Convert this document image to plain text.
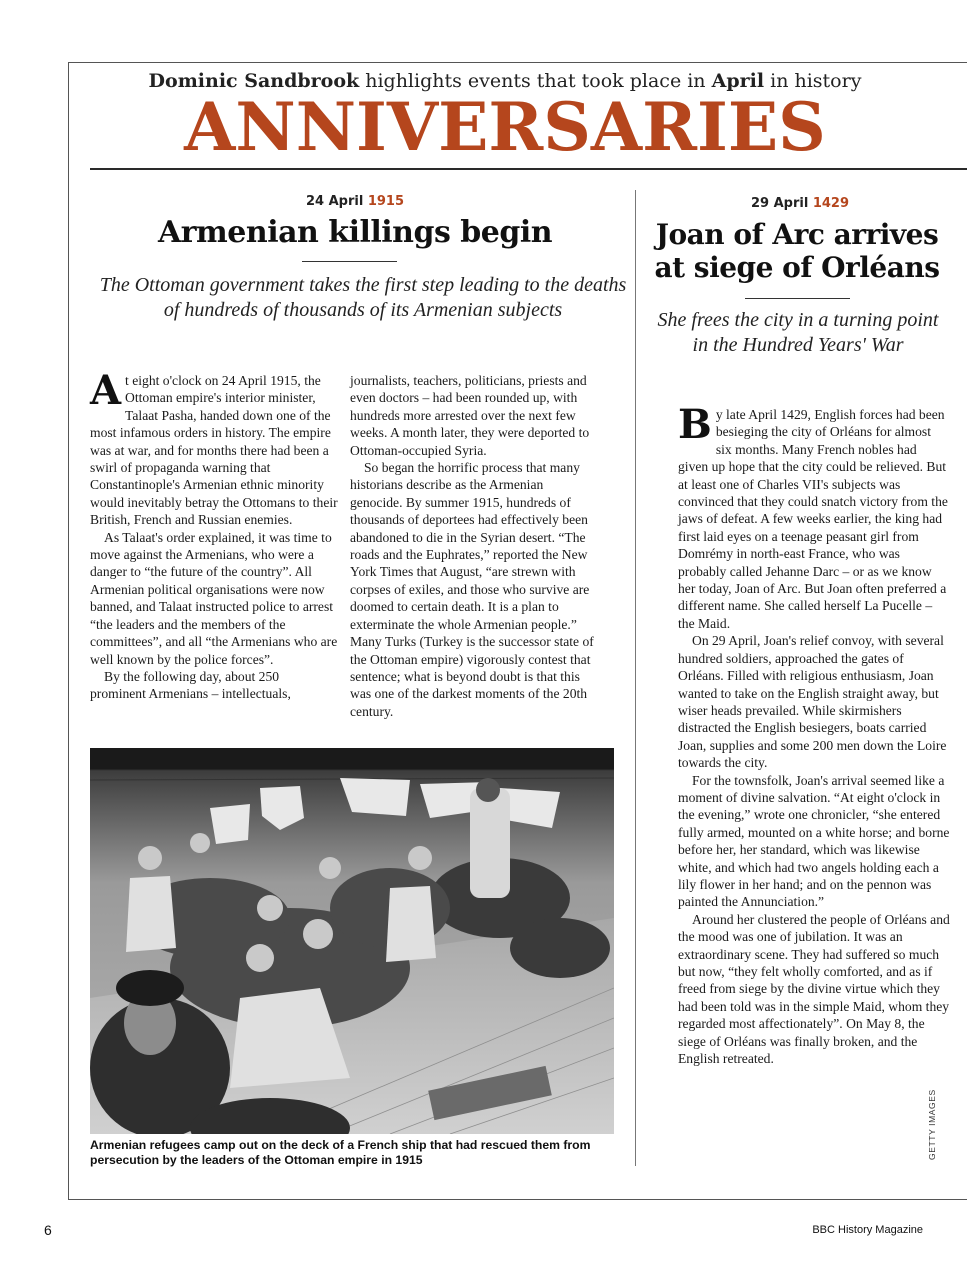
Dominic Sandbrook highlights events that took place in April in history
ANNIVERSARIES
24 April 1915
Armenian killings begin
The Ottoman government takes the first step leading to the deaths of hundreds of thousands of its Armenian subjects

At eight o'clock on 24 April 1915, the Ottoman empire's interior minister, Talaat Pasha, handed down one of the most infamous orders in history. The empire was at war, and for months there had been a swirl of propaganda warning that Constantinople's Armenian ethnic minority would inevitably betray the Ottomans to their British, French and Russian enemies.

As Talaat's order explained, it was time to move against the Armenians, who were a danger to “the future of the country”. All Armenian political organisations were now banned, and Talaat instructed police to arrest “the leaders and the members of the committees”, and all “the Armenians who are well known by the police forces”.

By the following day, about 250 prominent Armenians – intellectuals,

journalists, teachers, politicians, priests and even doctors – had been rounded up, with hundreds more arrested over the next few weeks. A month later, they were deported to Ottoman-occupied Syria.

So began the horrific process that many historians describe as the Armenian genocide. By summer 1915, hundreds of thousands of deportees had effectively been abandoned to die in the Syrian desert. “The roads and the Euphrates,” reported the New York Times that August, “are strewn with corpses of exiles, and those who survive are doomed to certain death. It is a plan to exterminate the whole Armenian people.” Many Turks (Turkey is the successor state of the Ottoman empire) vigorously contest that sentence; what is beyond doubt is that this was one of the darkest moments of the 20th century.

Armenian refugees camp out on the deck of a French ship that had rescued them from persecution by the leaders of the Ottoman empire in 1915
29 April 1429
Joan of Arc arrives at siege of Orléans
She frees the city in a turning point in the Hundred Years' War

By late April 1429, English forces had been besieging the city of Orléans for almost six months. Many French nobles had given up hope that the city could be relieved. But at least one of Charles VII's subjects was convinced that they could snatch victory from the jaws of defeat. A few weeks earlier, the king had first laid eyes on a teenage peasant girl from Domrémy in north-east France, who was probably called Jehanne Darc – or as we know her today, Joan of Arc. But Joan often preferred a different name. She called herself La Pucelle – the Maid.

On 29 April, Joan's relief convoy, with several hundred soldiers, approached the gates of Orléans. Filled with religious enthusiasm, Joan wanted to take on the English straight away, but wiser heads prevailed. While skirmishers distracted the English besiegers, boats carried Joan, supplies and some 200 men down the Loire towards the city.

For the townsfolk, Joan's arrival seemed like a moment of divine salvation. “At eight o'clock in the evening,” wrote one chronicler, “she entered fully armed, mounted on a white horse; and borne before her, her standard, which was likewise white, and which had two angels holding each a lily flower in her hand; and on the pennon was painted the Annunciation.”

Around her clustered the people of Orléans and the mood was one of jubilation. It was an extraordinary scene. They had suffered so much but now, “they felt wholly comforted, and as if freed from siege by the divine virtue which they had been told was in the simple Maid, whom they regarded most affectionately”. On May 8, the siege of Orléans was finally broken, and the English retreated.

GETTY IMAGES
6	BBC History Magazine
